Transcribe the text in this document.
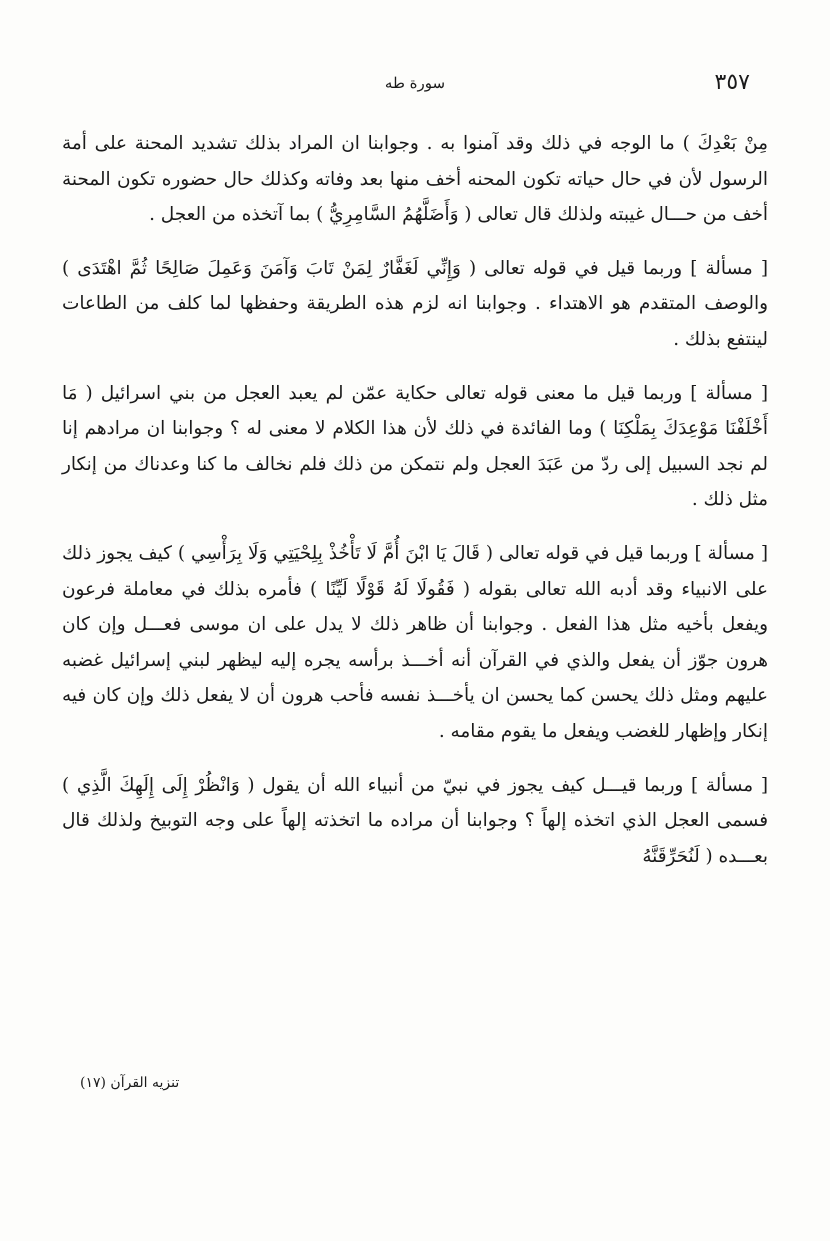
٣٥٧
سورة طه

مِنْ بَعْدِكَ ) ما الوجه في ذلك وقد آمنوا به . وجوابنا ان المراد بذلك تشديد المحنة على أمة الرسول لأن في حال حياته تكون المحنه أخف منها بعد وفاته وكذلك حال حضوره تكون المحنة أخف من حـــال غيبته ولذلك قال تعالى ( وَأَضَلَّهُمُ السَّامِرِيُّ ) بما آتخذه من العجل .

[ مسألة ] وربما قيل في قوله تعالى ( وَإِنِّي لَغَفَّارٌ لِمَنْ تَابَ وَآمَنَ وَعَمِلَ صَالِحًا ثُمَّ اهْتَدَى ) والوصف المتقدم هو الاهتداء . وجوابنا انه لزم هذه الطريقة وحفظها لما كلف من الطاعات لينتفع بذلك .

[ مسألة ] وربما قيل ما معنى قوله تعالى حكاية عمّن لم يعبد العجل من بني اسرائيل ( مَا أَخْلَفْنَا مَوْعِدَكَ بِمَلْكِنَا ) وما الفائدة في ذلك لأن هذا الكلام لا معنى له ؟ وجوابنا ان مرادهم إنا لم نجد السبيل إلى ردّ من عَبَدَ العجل ولم نتمكن من ذلك فلم نخالف ما كنا وعدناك من إنكار مثل ذلك .

[ مسألة ] وربما قيل في قوله تعالى ( قَالَ يَا ابْنَ أُمَّ لَا تَأْخُذْ بِلِحْيَتِي وَلَا بِرَأْسِي ) كيف يجوز ذلك على الانبياء وقد أدبه الله تعالى بقوله ( فَقُولَا لَهُ قَوْلًا لَيِّنًا ) فأمره بذلك في معاملة فرعون ويفعل بأخيه مثل هذا الفعل . وجوابنا أن ظاهر ذلك لا يدل على ان موسى فعـــل وإن كان هرون جوّز أن يفعل والذي في القرآن أنه أخـــذ برأسه يجره إليه ليظهر لبني إسرائيل غضبه عليهم ومثل ذلك يحسن كما يحسن ان يأخـــذ نفسه فأحب هرون أن لا يفعل ذلك وإن كان فيه إنكار وإظهار للغضب ويفعل ما يقوم مقامه .

[ مسألة ] وربما قيـــل كيف يجوز في نبيّ من أنبياء الله أن يقول ( وَانْظُرْ إِلَى إِلَهِكَ الَّذِي ) فسمى العجل الذي اتخذه إلهاً ؟ وجوابنا أن مراده ما اتخذته إلهاً على وجه التوبيخ ولذلك قال بعـــده ( لَنُحَرِّقَنَّهُ

تنزيه القرآن (١٧)
